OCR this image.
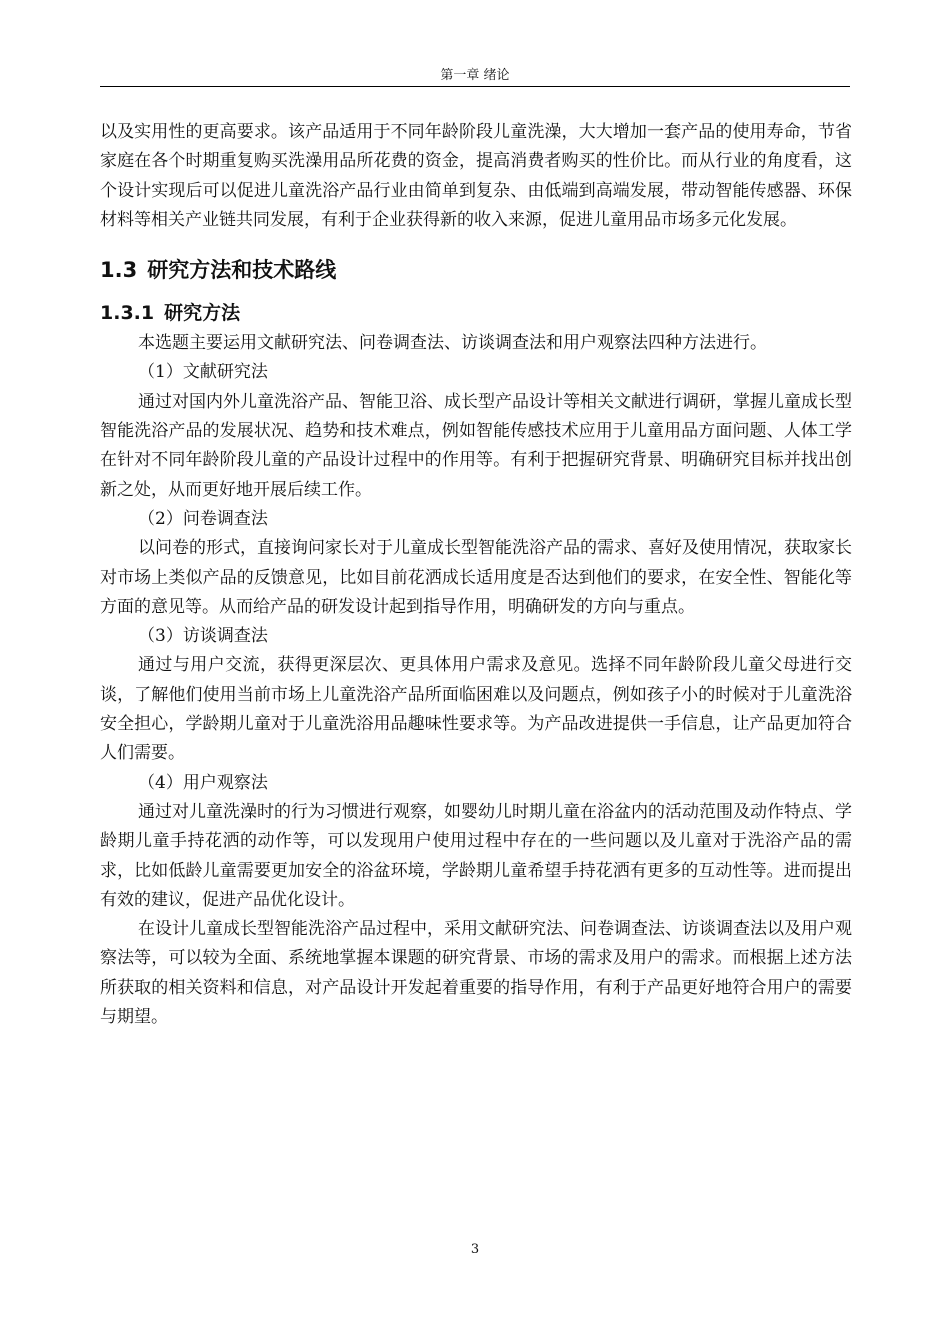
第一章 绪论

以及实用性的更高要求。该产品适用于不同年龄阶段儿童洗澡，大大增加一套产品的使用寿命，节省家庭在各个时期重复购买洗澡用品所花费的资金，提高消费者购买的性价比。而从行业的角度看，这个设计实现后可以促进儿童洗浴产品行业由简单到复杂、由低端到高端发展，带动智能传感器、环保材料等相关产业链共同发展，有利于企业获得新的收入来源，促进儿童用品市场多元化发展。

1.3 研究方法和技术路线
1.3.1 研究方法

本选题主要运用文献研究法、问卷调查法、访谈调查法和用户观察法四种方法进行。

（1）文献研究法

通过对国内外儿童洗浴产品、智能卫浴、成长型产品设计等相关文献进行调研，掌握儿童成长型智能洗浴产品的发展状况、趋势和技术难点，例如智能传感技术应用于儿童用品方面问题、人体工学在针对不同年龄阶段儿童的产品设计过程中的作用等。有利于把握研究背景、明确研究目标并找出创新之处，从而更好地开展后续工作。

（2）问卷调查法

以问卷的形式，直接询问家长对于儿童成长型智能洗浴产品的需求、喜好及使用情况，获取家长对市场上类似产品的反馈意见，比如目前花洒成长适用度是否达到他们的要求，在安全性、智能化等方面的意见等。从而给产品的研发设计起到指导作用，明确研发的方向与重点。

（3）访谈调查法

通过与用户交流，获得更深层次、更具体用户需求及意见。选择不同年龄阶段儿童父母进行交谈，了解他们使用当前市场上儿童洗浴产品所面临困难以及问题点，例如孩子小的时候对于儿童洗浴安全担心，学龄期儿童对于儿童洗浴用品趣味性要求等。为产品改进提供一手信息，让产品更加符合人们需要。

（4）用户观察法

通过对儿童洗澡时的行为习惯进行观察，如婴幼儿时期儿童在浴盆内的活动范围及动作特点、学龄期儿童手持花洒的动作等，可以发现用户使用过程中存在的一些问题以及儿童对于洗浴产品的需求，比如低龄儿童需要更加安全的浴盆环境，学龄期儿童希望手持花洒有更多的互动性等。进而提出有效的建议，促进产品优化设计。

在设计儿童成长型智能洗浴产品过程中，采用文献研究法、问卷调查法、访谈调查法以及用户观察法等，可以较为全面、系统地掌握本课题的研究背景、市场的需求及用户的需求。而根据上述方法所获取的相关资料和信息，对产品设计开发起着重要的指导作用，有利于产品更好地符合用户的需要与期望。

3
